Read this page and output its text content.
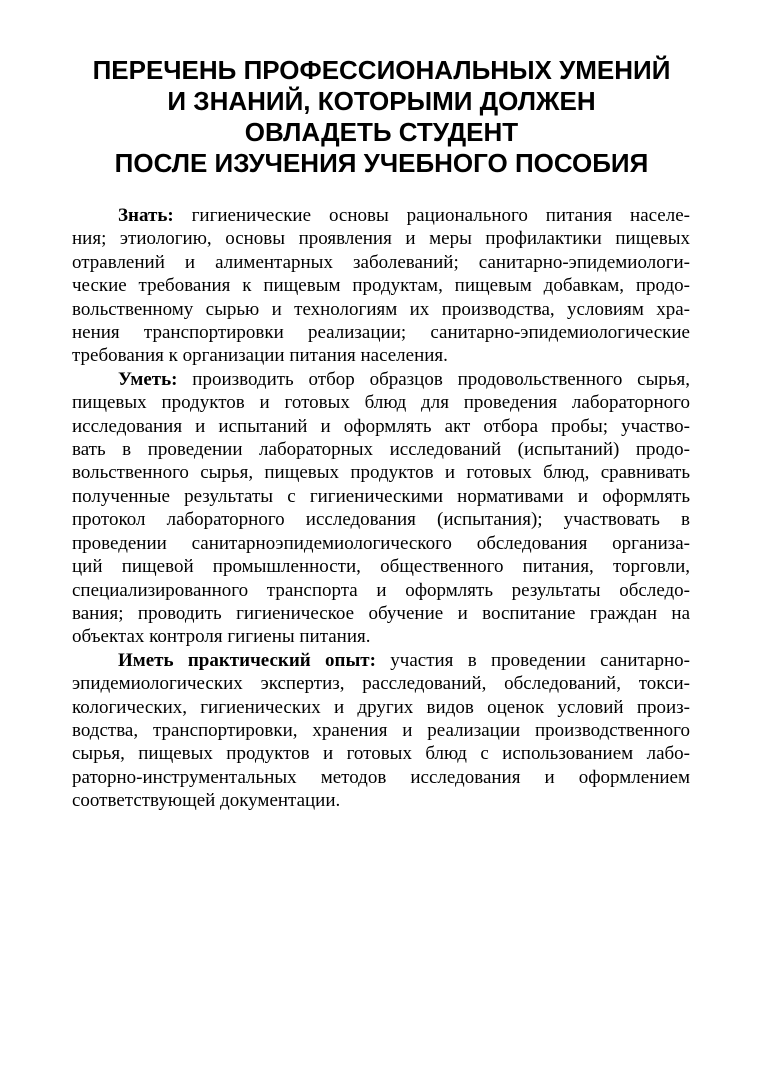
ПЕРЕЧЕНЬ ПРОФЕССИОНАЛЬНЫХ УМЕНИЙ
И ЗНАНИЙ, КОТОРЫМИ ДОЛЖЕН
ОВЛАДЕТЬ СТУДЕНТ
ПОСЛЕ ИЗУЧЕНИЯ УЧЕБНОГО ПОСОБИЯ
Знать: гигиенические основы рационального питания населе-
ния; этиологию, основы проявления и меры профилактики пищевых
отравлений и алиментарных заболеваний; санитарно-эпидемиологи-
ческие требования к пищевым продуктам, пищевым добавкам, продо-
вольственному сырью и технологиям их производства, условиям хра-
нения транспортировки реализации; санитарно-эпидемиологические
требования к организации питания населения.
Уметь: производить отбор образцов продовольственного сырья,
пищевых продуктов и готовых блюд для проведения лабораторного
исследования и испытаний и оформлять акт отбора пробы; участво-
вать в проведении лабораторных исследований (испытаний) продо-
вольственного сырья, пищевых продуктов и готовых блюд, сравнивать
полученные результаты с гигиеническими нормативами и оформлять
протокол лабораторного исследования (испытания); участвовать в
проведении санитарноэпидемиологического обследования организа-
ций пищевой промышленности, общественного питания, торговли,
специализированного транспорта и оформлять результаты обследо-
вания; проводить гигиеническое обучение и воспитание граждан на
объектах контроля гигиены питания.
Иметь практический опыт: участия в проведении санитарно-
эпидемиологических экспертиз, расследований, обследований, токси-
кологических, гигиенических и других видов оценок условий произ-
водства, транспортировки, хранения и реализации производственного
сырья, пищевых продуктов и готовых блюд с использованием лабо-
раторно-инструментальных методов исследования и оформлением
соответствующей документации.
